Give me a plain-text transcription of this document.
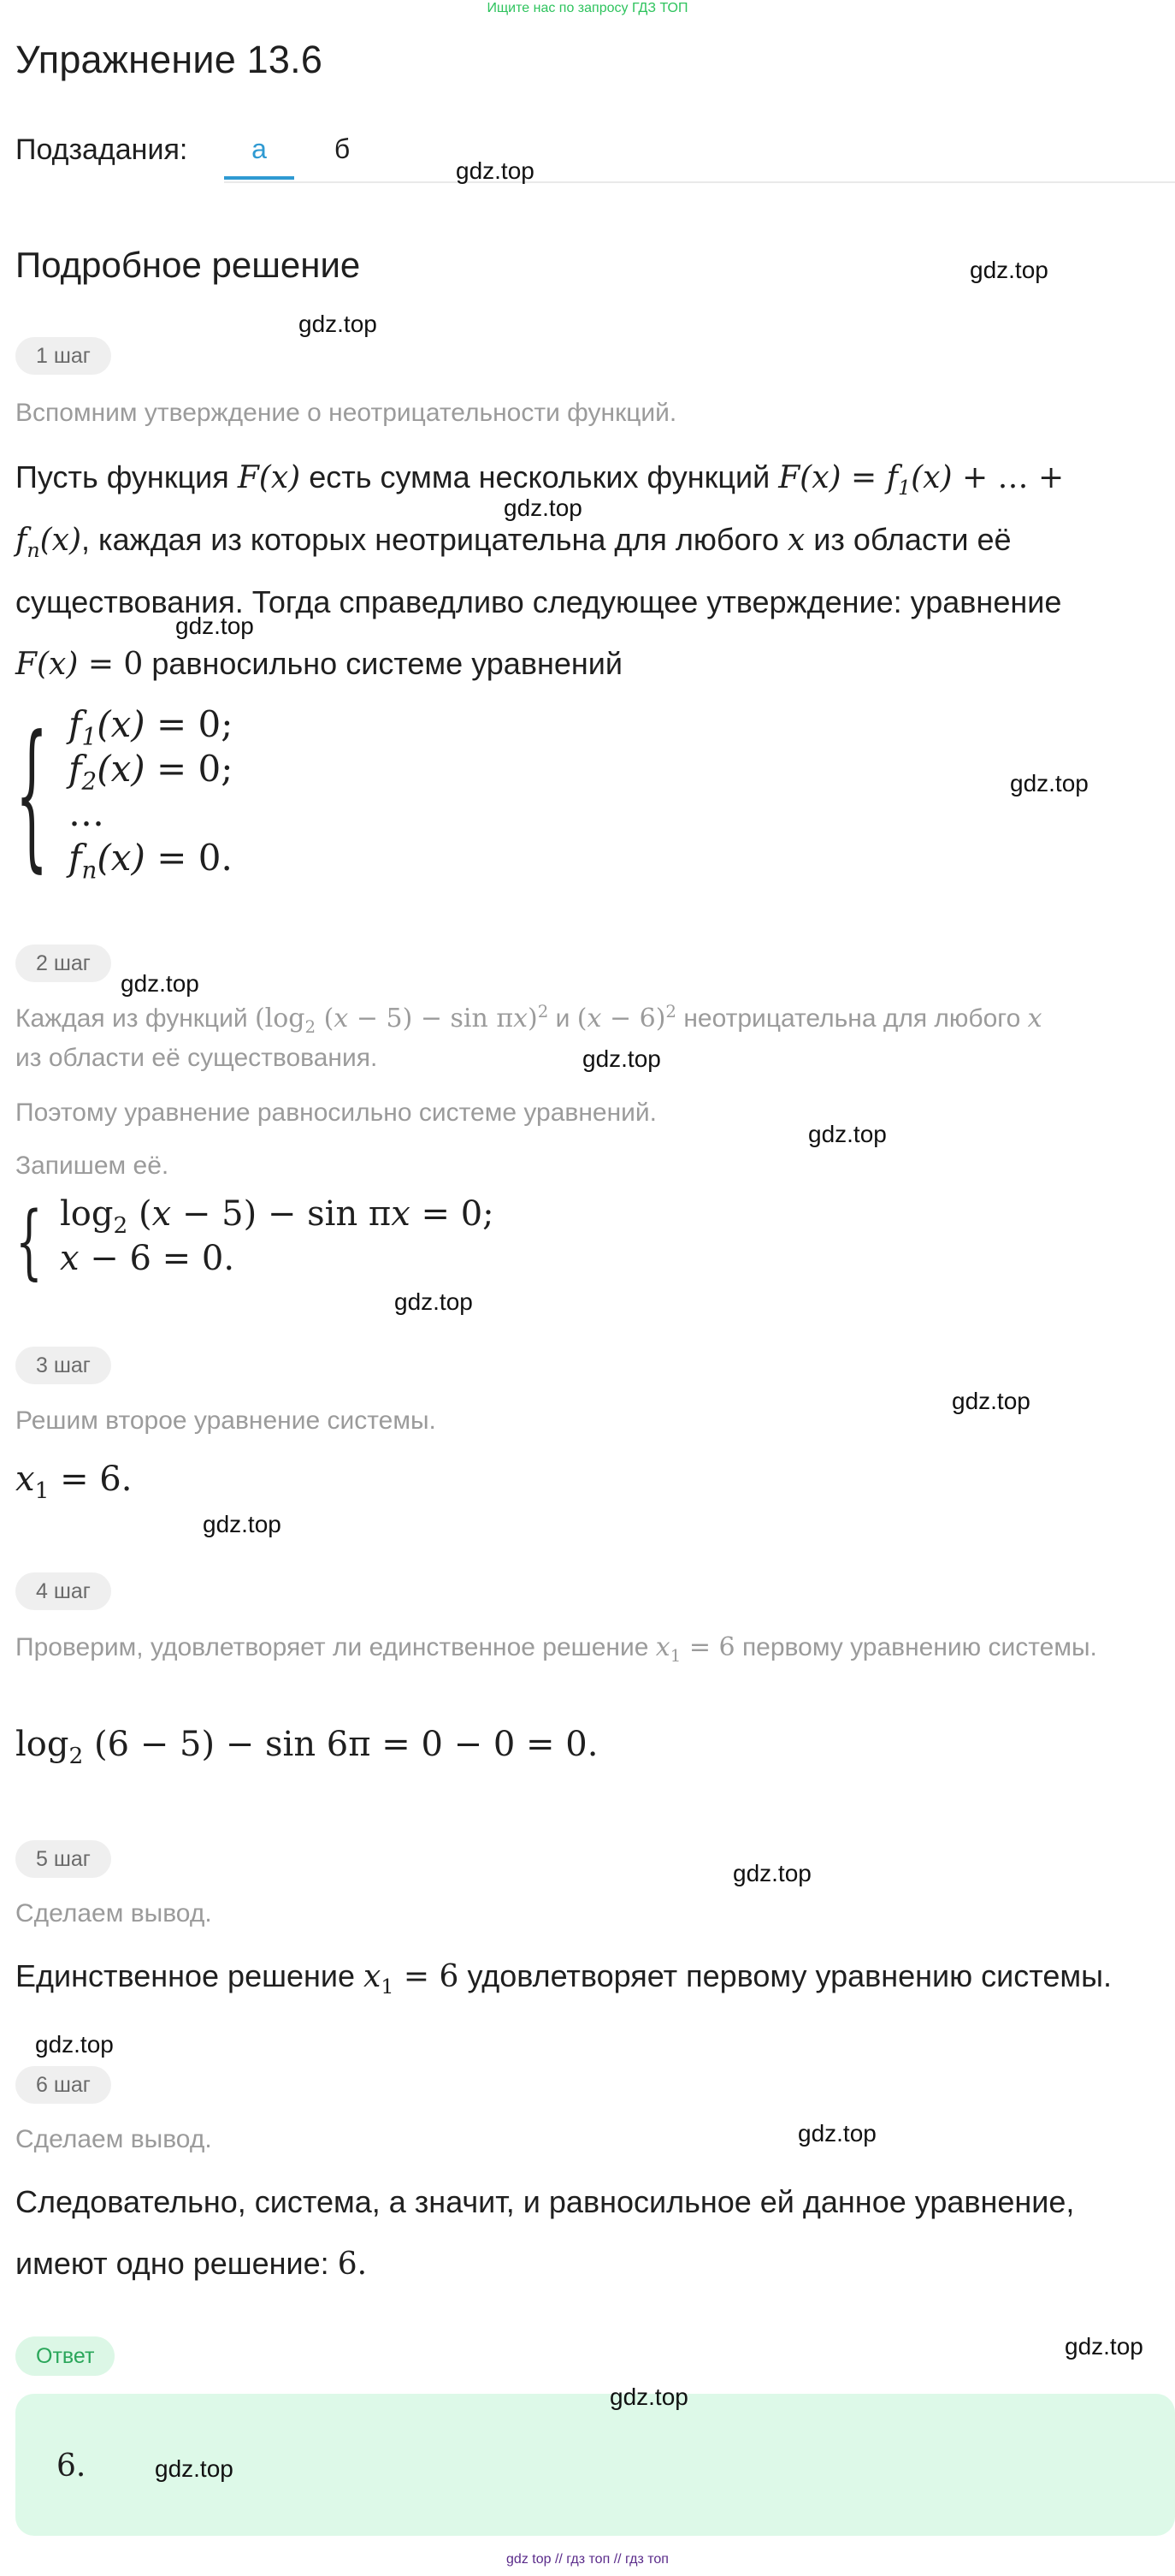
Ищите нас по запросу ГДЗ ТОП
Упражнение 13.6
Подзадания:	а	б
Подробное решение
1 шаг
Вспомним утверждение о неотрицательности функций.
Пусть функция F(x) есть сумма нескольких функций $F(x) = f_1(x)$ + … +
$f_n(x)$, каждая из которых неотрицательна для любого x из области её существования. Тогда справедливо следующее утверждение: уравнение
F(x) = 0 равносильно системе уравнений
{ $f_1(x) = 0$;
$f_2(x) = 0$;
…
$f_n(x) = 0$.
2 шаг
Каждая из функций ($\log_2$ (x − 5) − sin πx)$^2$ и $(x - 6)^2$ неотрицательна для любого x
из области её существования.
Поэтому уравнение равносильно системе уравнений.
Запишем её.
{ $\log_2 (x - 5) - \sin \pi x = 0$;
x − 6 = 0.
3 шаг
Решим второе уравнение системы.
$x_1 = 6$.
4 шаг
Проверим, удовлетворяет ли единственное решение $x_1 = 6$ первому уравнению системы.
$\log_2 (6 - 5) - \sin 6\pi = 0 - 0 = 0$.
5 шаг
Сделаем вывод.
Единственное решение $x_1 = 6$ удовлетворяет первому уравнению системы.
6 шаг
Сделаем вывод.
Следовательно, система, а значит, и равносильное ей данное уравнение, имеют одно решение: 6.
Ответ
6.
gdz.top
gdz.top
gdz.top
gdz.top
gdz.top
gdz.top
gdz.top
gdz.top
gdz.top
gdz.top
gdz.top
gdz.top
gdz.top
gdz.top
gdz.top
gdz.top
gdz.top
gdz.top
gdz top // гдз топ // гдз топ
